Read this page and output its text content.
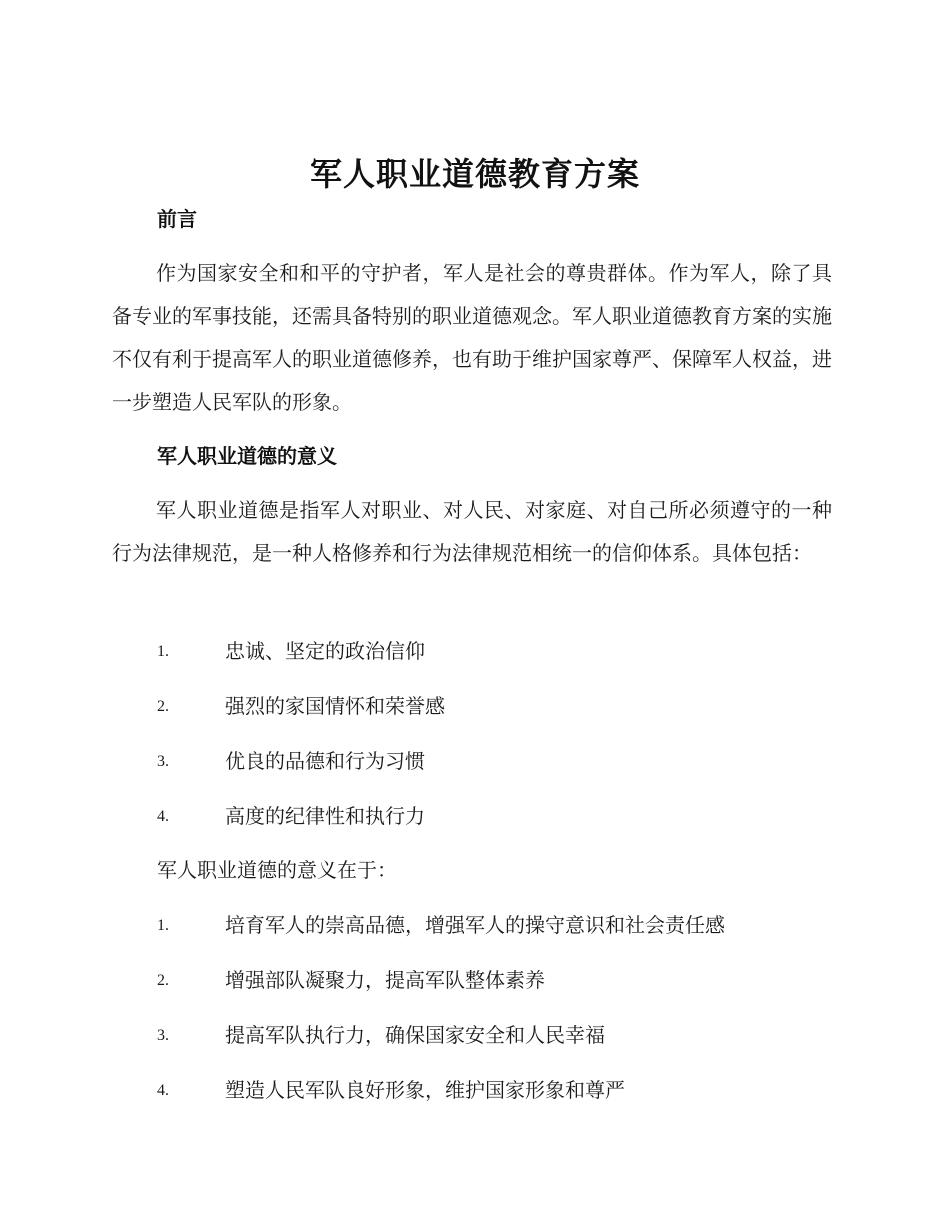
军人职业道德教育方案
前言

作为国家安全和和平的守护者，军人是社会的尊贵群体。作为军人，除了具备专业的军事技能，还需具备特别的职业道德观念。军人职业道德教育方案的实施不仅有利于提高军人的职业道德修养，也有助于维护国家尊严、保障军人权益，进一步塑造人民军队的形象。

军人职业道德的意义

军人职业道德是指军人对职业、对人民、对家庭、对自己所必须遵守的一种行为法律规范，是一种人格修养和行为法律规范相统一的信仰体系。具体包括：

1.	忠诚、坚定的政治信仰
2.	强烈的家国情怀和荣誉感
3.	优良的品德和行为习惯
4.	高度的纪律性和执行力
军人职业道德的意义在于：
1.	培育军人的崇高品德，增强军人的操守意识和社会责任感
2.	增强部队凝聚力，提高军队整体素养
3.	提高军队执行力，确保国家安全和人民幸福
4.	塑造人民军队良好形象，维护国家形象和尊严
